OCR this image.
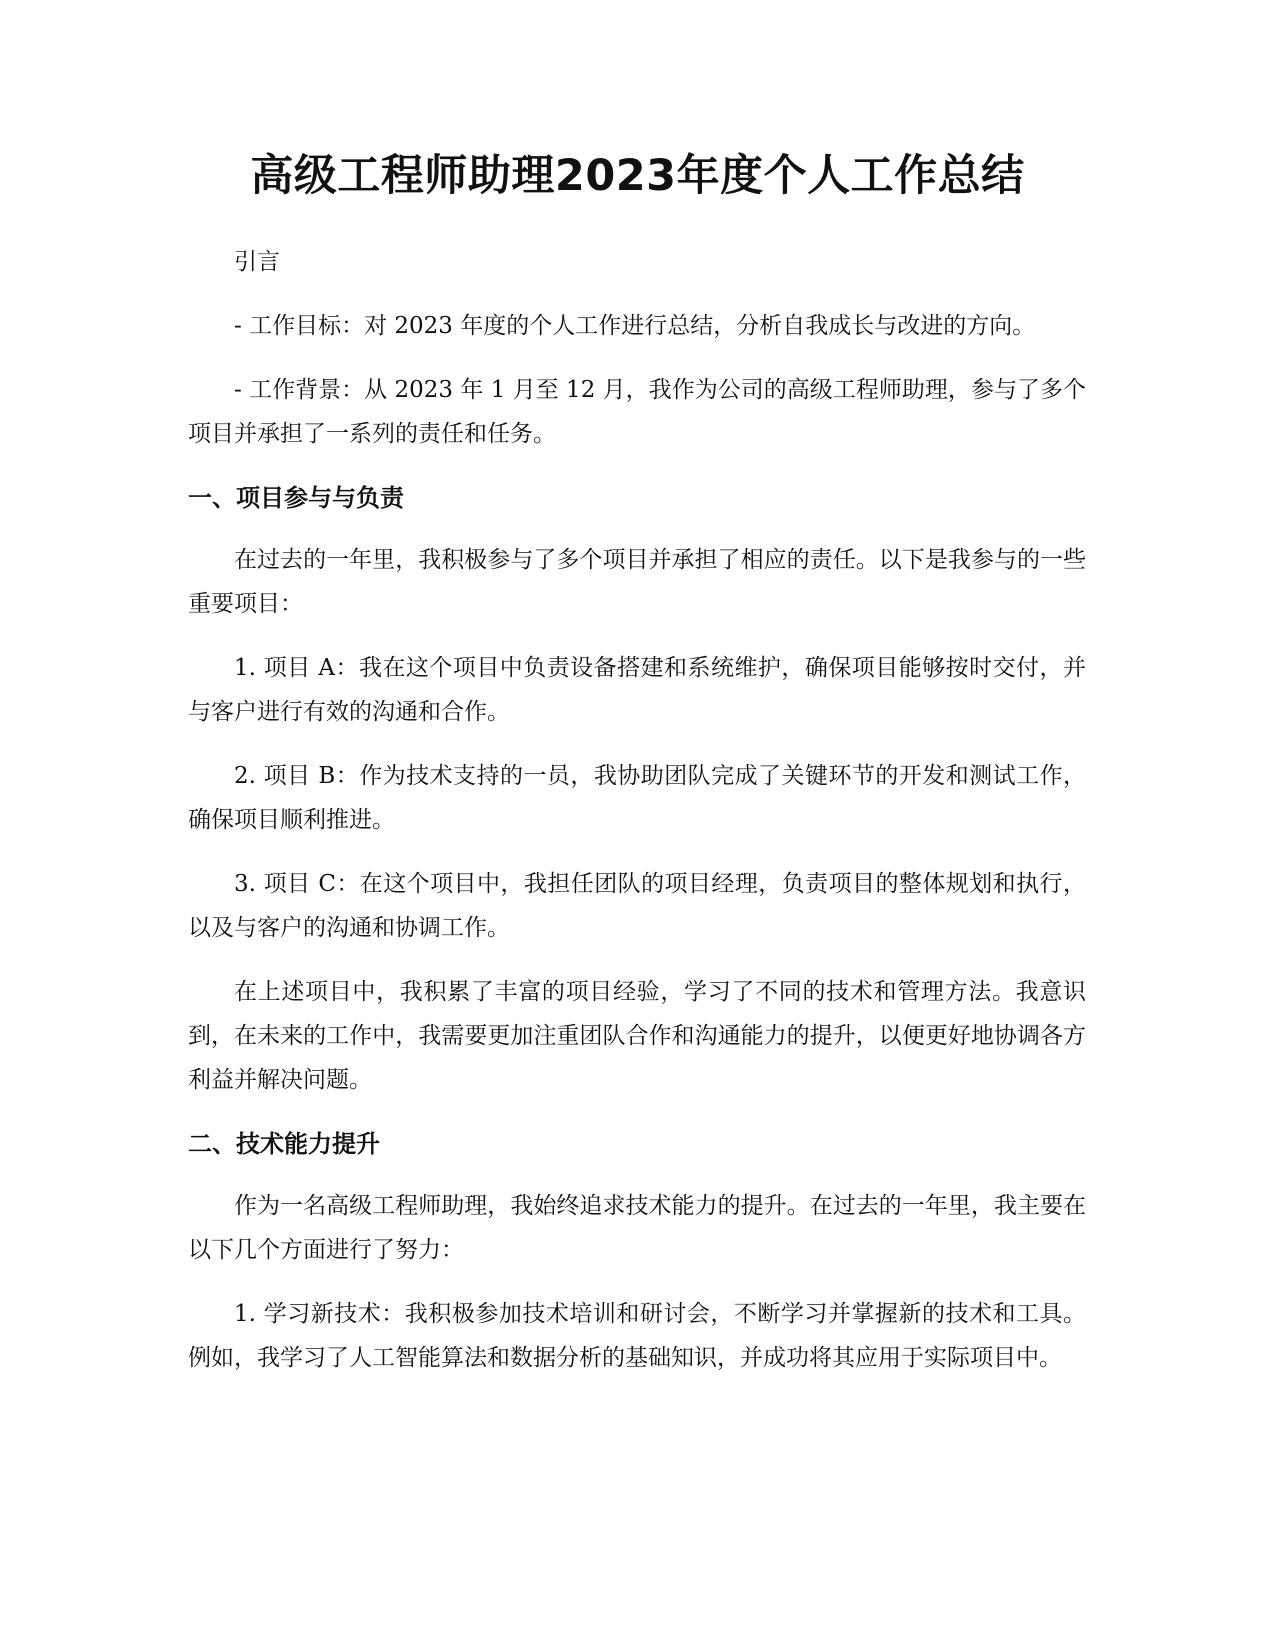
高级工程师助理2023年度个人工作总结

引言

- 工作目标：对 2023 年度的个人工作进行总结，分析自我成长与改进的方向。

- 工作背景：从 2023 年 1 月至 12 月，我作为公司的高级工程师助理，参与了多个项目并承担了一系列的责任和任务。

一、项目参与与负责

在过去的一年里，我积极参与了多个项目并承担了相应的责任。以下是我参与的一些重要项目：

1. 项目 A：我在这个项目中负责设备搭建和系统维护，确保项目能够按时交付，并与客户进行有效的沟通和合作。

2. 项目 B：作为技术支持的一员，我协助团队完成了关键环节的开发和测试工作，确保项目顺利推进。

3. 项目 C：在这个项目中，我担任团队的项目经理，负责项目的整体规划和执行，以及与客户的沟通和协调工作。

在上述项目中，我积累了丰富的项目经验，学习了不同的技术和管理方法。我意识到，在未来的工作中，我需要更加注重团队合作和沟通能力的提升，以便更好地协调各方利益并解决问题。

二、技术能力提升

作为一名高级工程师助理，我始终追求技术能力的提升。在过去的一年里，我主要在以下几个方面进行了努力：

1. 学习新技术：我积极参加技术培训和研讨会，不断学习并掌握新的技术和工具。例如，我学习了人工智能算法和数据分析的基础知识，并成功将其应用于实际项目中。
